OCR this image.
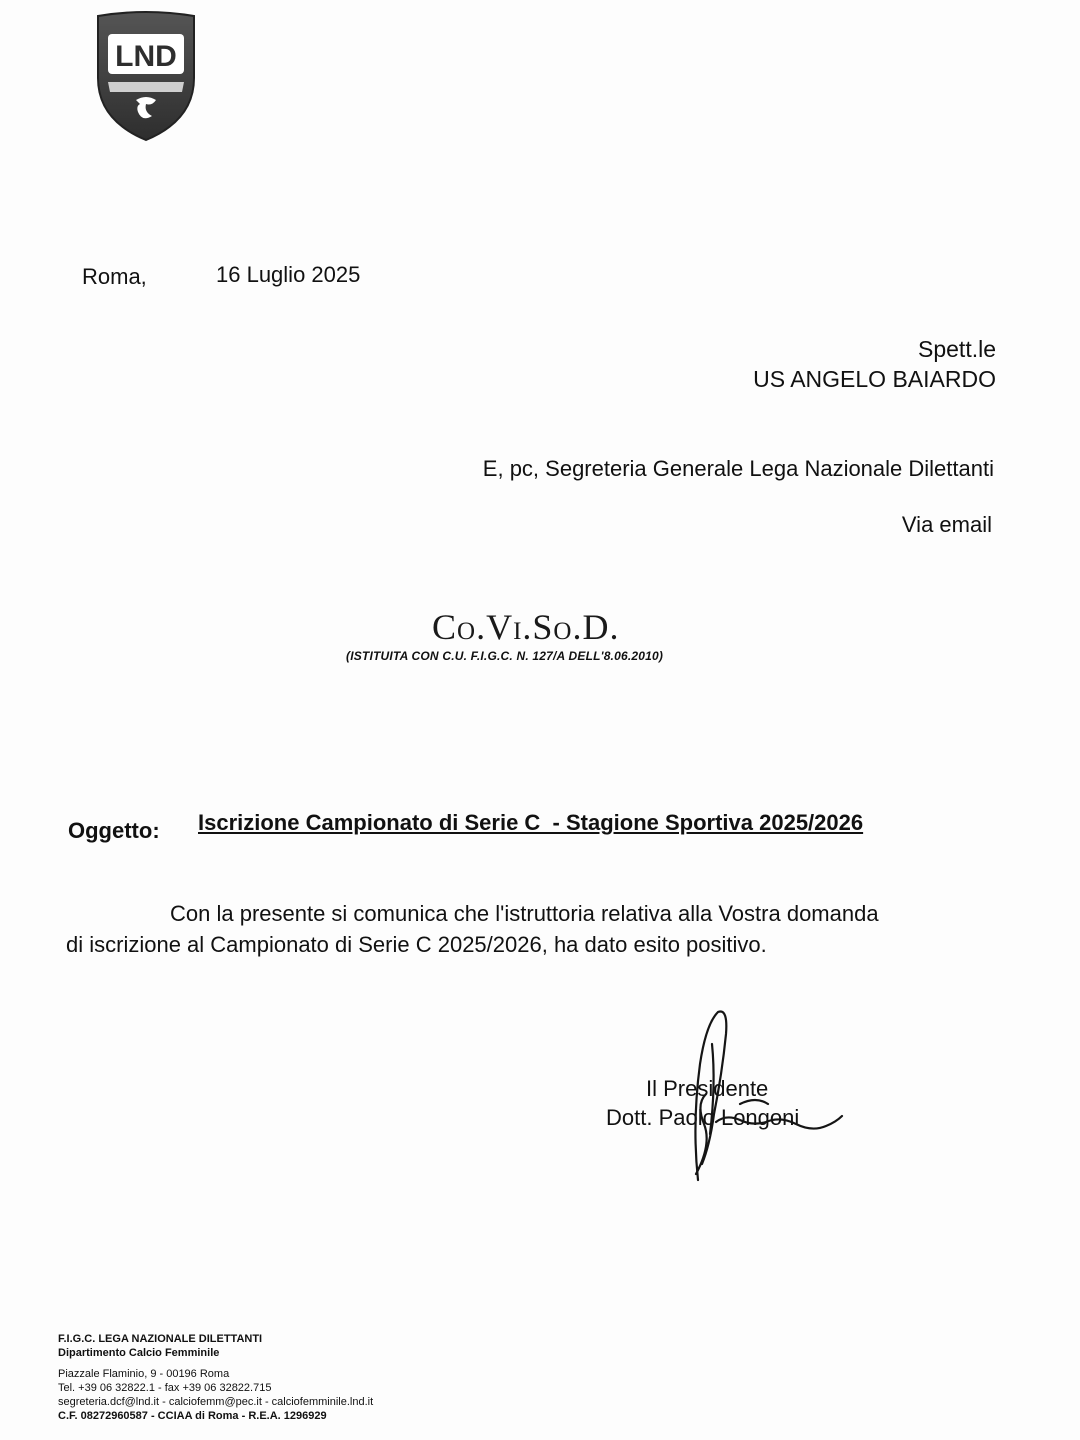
LND
Roma,	16 Luglio 2025
Spett.le
US ANGELO BAIARDO
E, pc, Segreteria Generale Lega Nazionale Dilettanti
Via email
Co.Vi.So.D.
(ISTITUITA CON C.U. F.I.G.C. N. 127/A DELL'8.06.2010)
Oggetto: Iscrizione Campionato di Serie C  - Stagione Sportiva 2025/2026
Con la presente si comunica che l'istruttoria relativa alla Vostra domanda
di iscrizione al Campionato di Serie C 2025/2026, ha dato esito positivo.
Il Presidente
Dott. Paolo Longoni
F.I.G.C. LEGA NAZIONALE DILETTANTI
Dipartimento Calcio Femminile
Piazzale Flaminio, 9 - 00196 Roma
Tel. +39 06 32822.1 - fax +39 06 32822.715
segreteria.dcf@lnd.it - calciofemm@pec.it - calciofemminile.lnd.it
C.F. 08272960587 - CCIAA di Roma - R.E.A. 1296929
